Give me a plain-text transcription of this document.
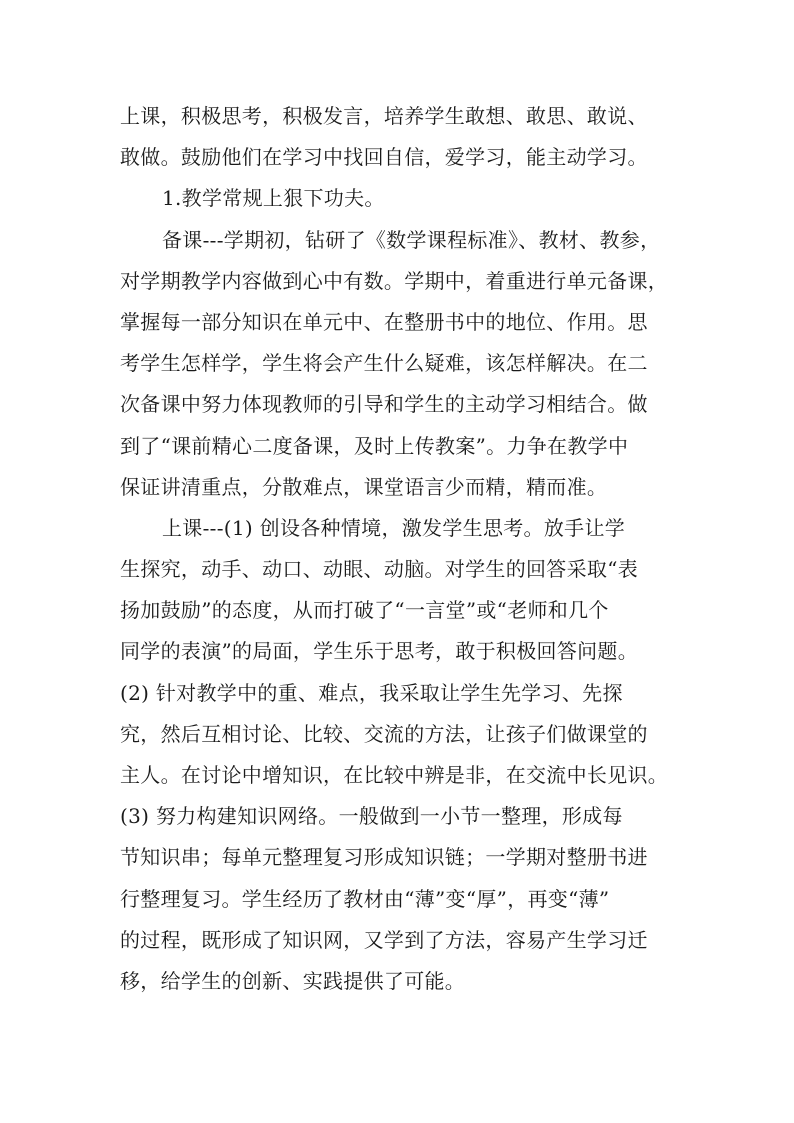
上课，积极思考，积极发言，培养学生敢想、敢思、敢说、
敢做。鼓励他们在学习中找回自信，爱学习，能主动学习。
1.教学常规上狠下功夫。
备课---学期初，钻研了《数学课程标准》、教材、教参，
对学期教学内容做到心中有数。学期中，着重进行单元备课，
掌握每一部分知识在单元中、在整册书中的地位、作用。思
考学生怎样学，学生将会产生什么疑难，该怎样解决。在二
次备课中努力体现教师的引导和学生的主动学习相结合。做
到了“课前精心二度备课，及时上传教案”。力争在教学中
保证讲清重点，分散难点，课堂语言少而精，精而准。
上课---(1) 创设各种情境，激发学生思考。放手让学
生探究，动手、动口、动眼、动脑。对学生的回答采取“表
扬加鼓励”的态度，从而打破了“一言堂”或“老师和几个
同学的表演”的局面，学生乐于思考，敢于积极回答问题。
(2) 针对教学中的重、难点，我采取让学生先学习、先探
究，然后互相讨论、比较、交流的方法，让孩子们做课堂的
主人。在讨论中增知识，在比较中辨是非，在交流中长见识。
(3) 努力构建知识网络。一般做到一小节一整理，形成每
节知识串；每单元整理复习形成知识链；一学期对整册书进
行整理复习。学生经历了教材由“薄”变“厚”，再变“薄”
的过程，既形成了知识网，又学到了方法，容易产生学习迁
移，给学生的创新、实践提供了可能。
